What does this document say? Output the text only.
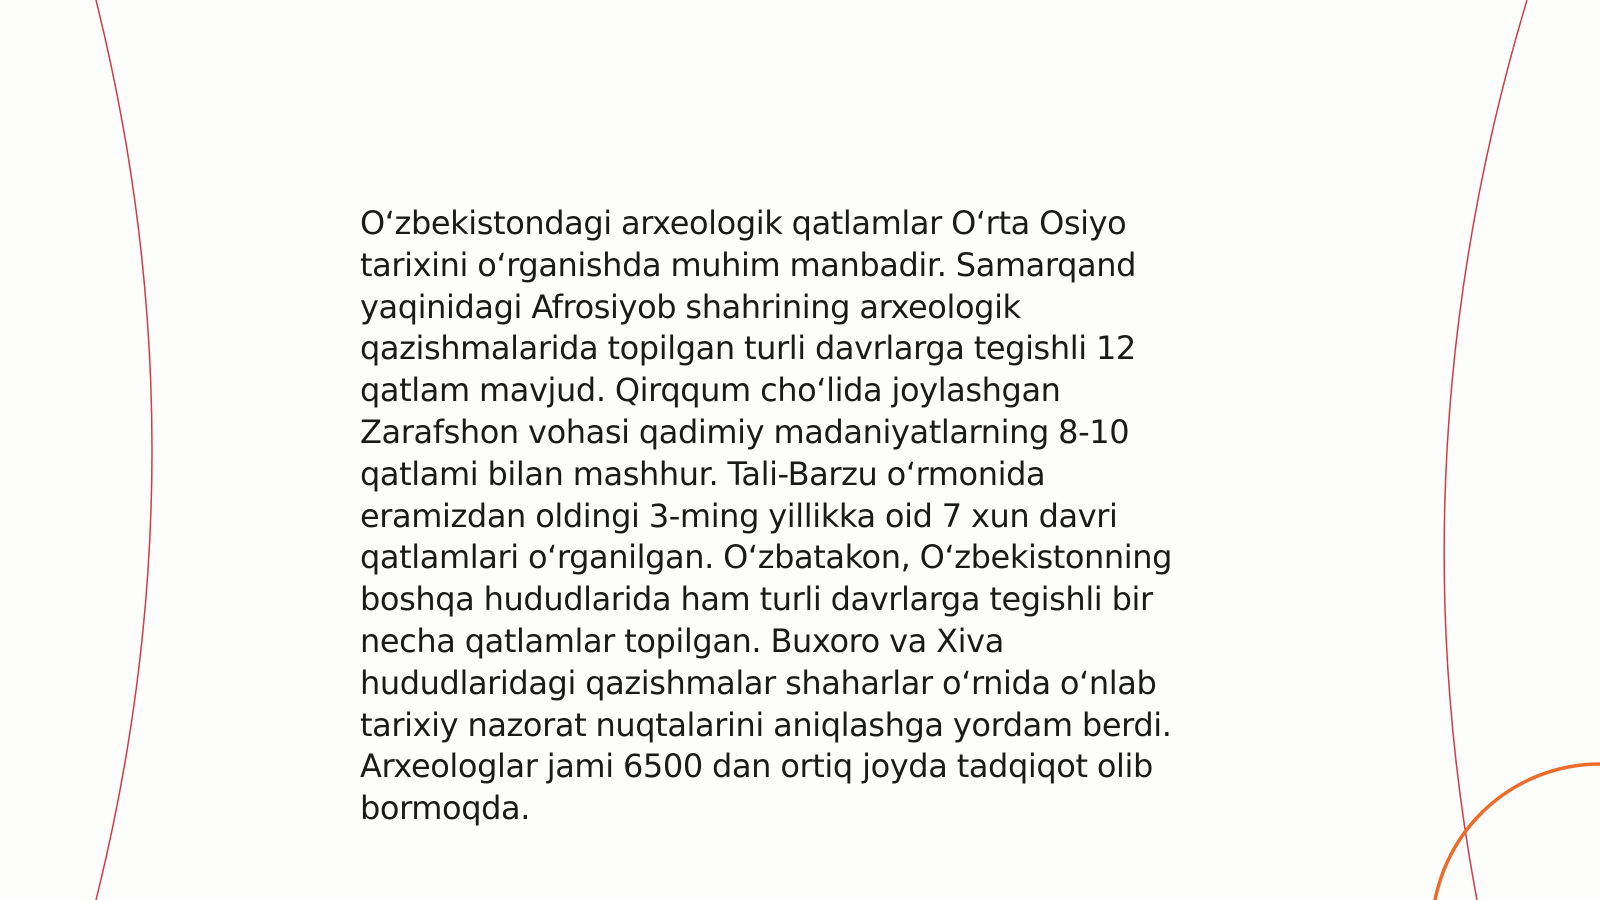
O‘zbekistondagi arxeologik qatlamlar O‘rta Osiyo tarixini o‘rganishda muhim manbadir. Samarqand yaqinidagi Afrosiyob shahrining arxeologik qazishmalarida topilgan turli davrlarga tegishli 12 qatlam mavjud. Qirqqum cho‘lida joylashgan Zarafshon vohasi qadimiy madaniyatlarning 8-10 qatlami bilan mashhur. Tali-Barzu o‘rmonida eramizdan oldingi 3-ming yillikka oid 7 xun davri qatlamlari o‘rganilgan. O‘zbatakon, O‘zbekistonning boshqa hududlarida ham turli davrlarga tegishli bir necha qatlamlar topilgan. Buxoro va Xiva hududlaridagi qazishmalar shaharlar o‘rnida o‘nlab tarixiy nazorat nuqtalarini aniqlashga yordam berdi. Arxeologlar jami 6500 dan ortiq joyda tadqiqot olib bormoqda.
